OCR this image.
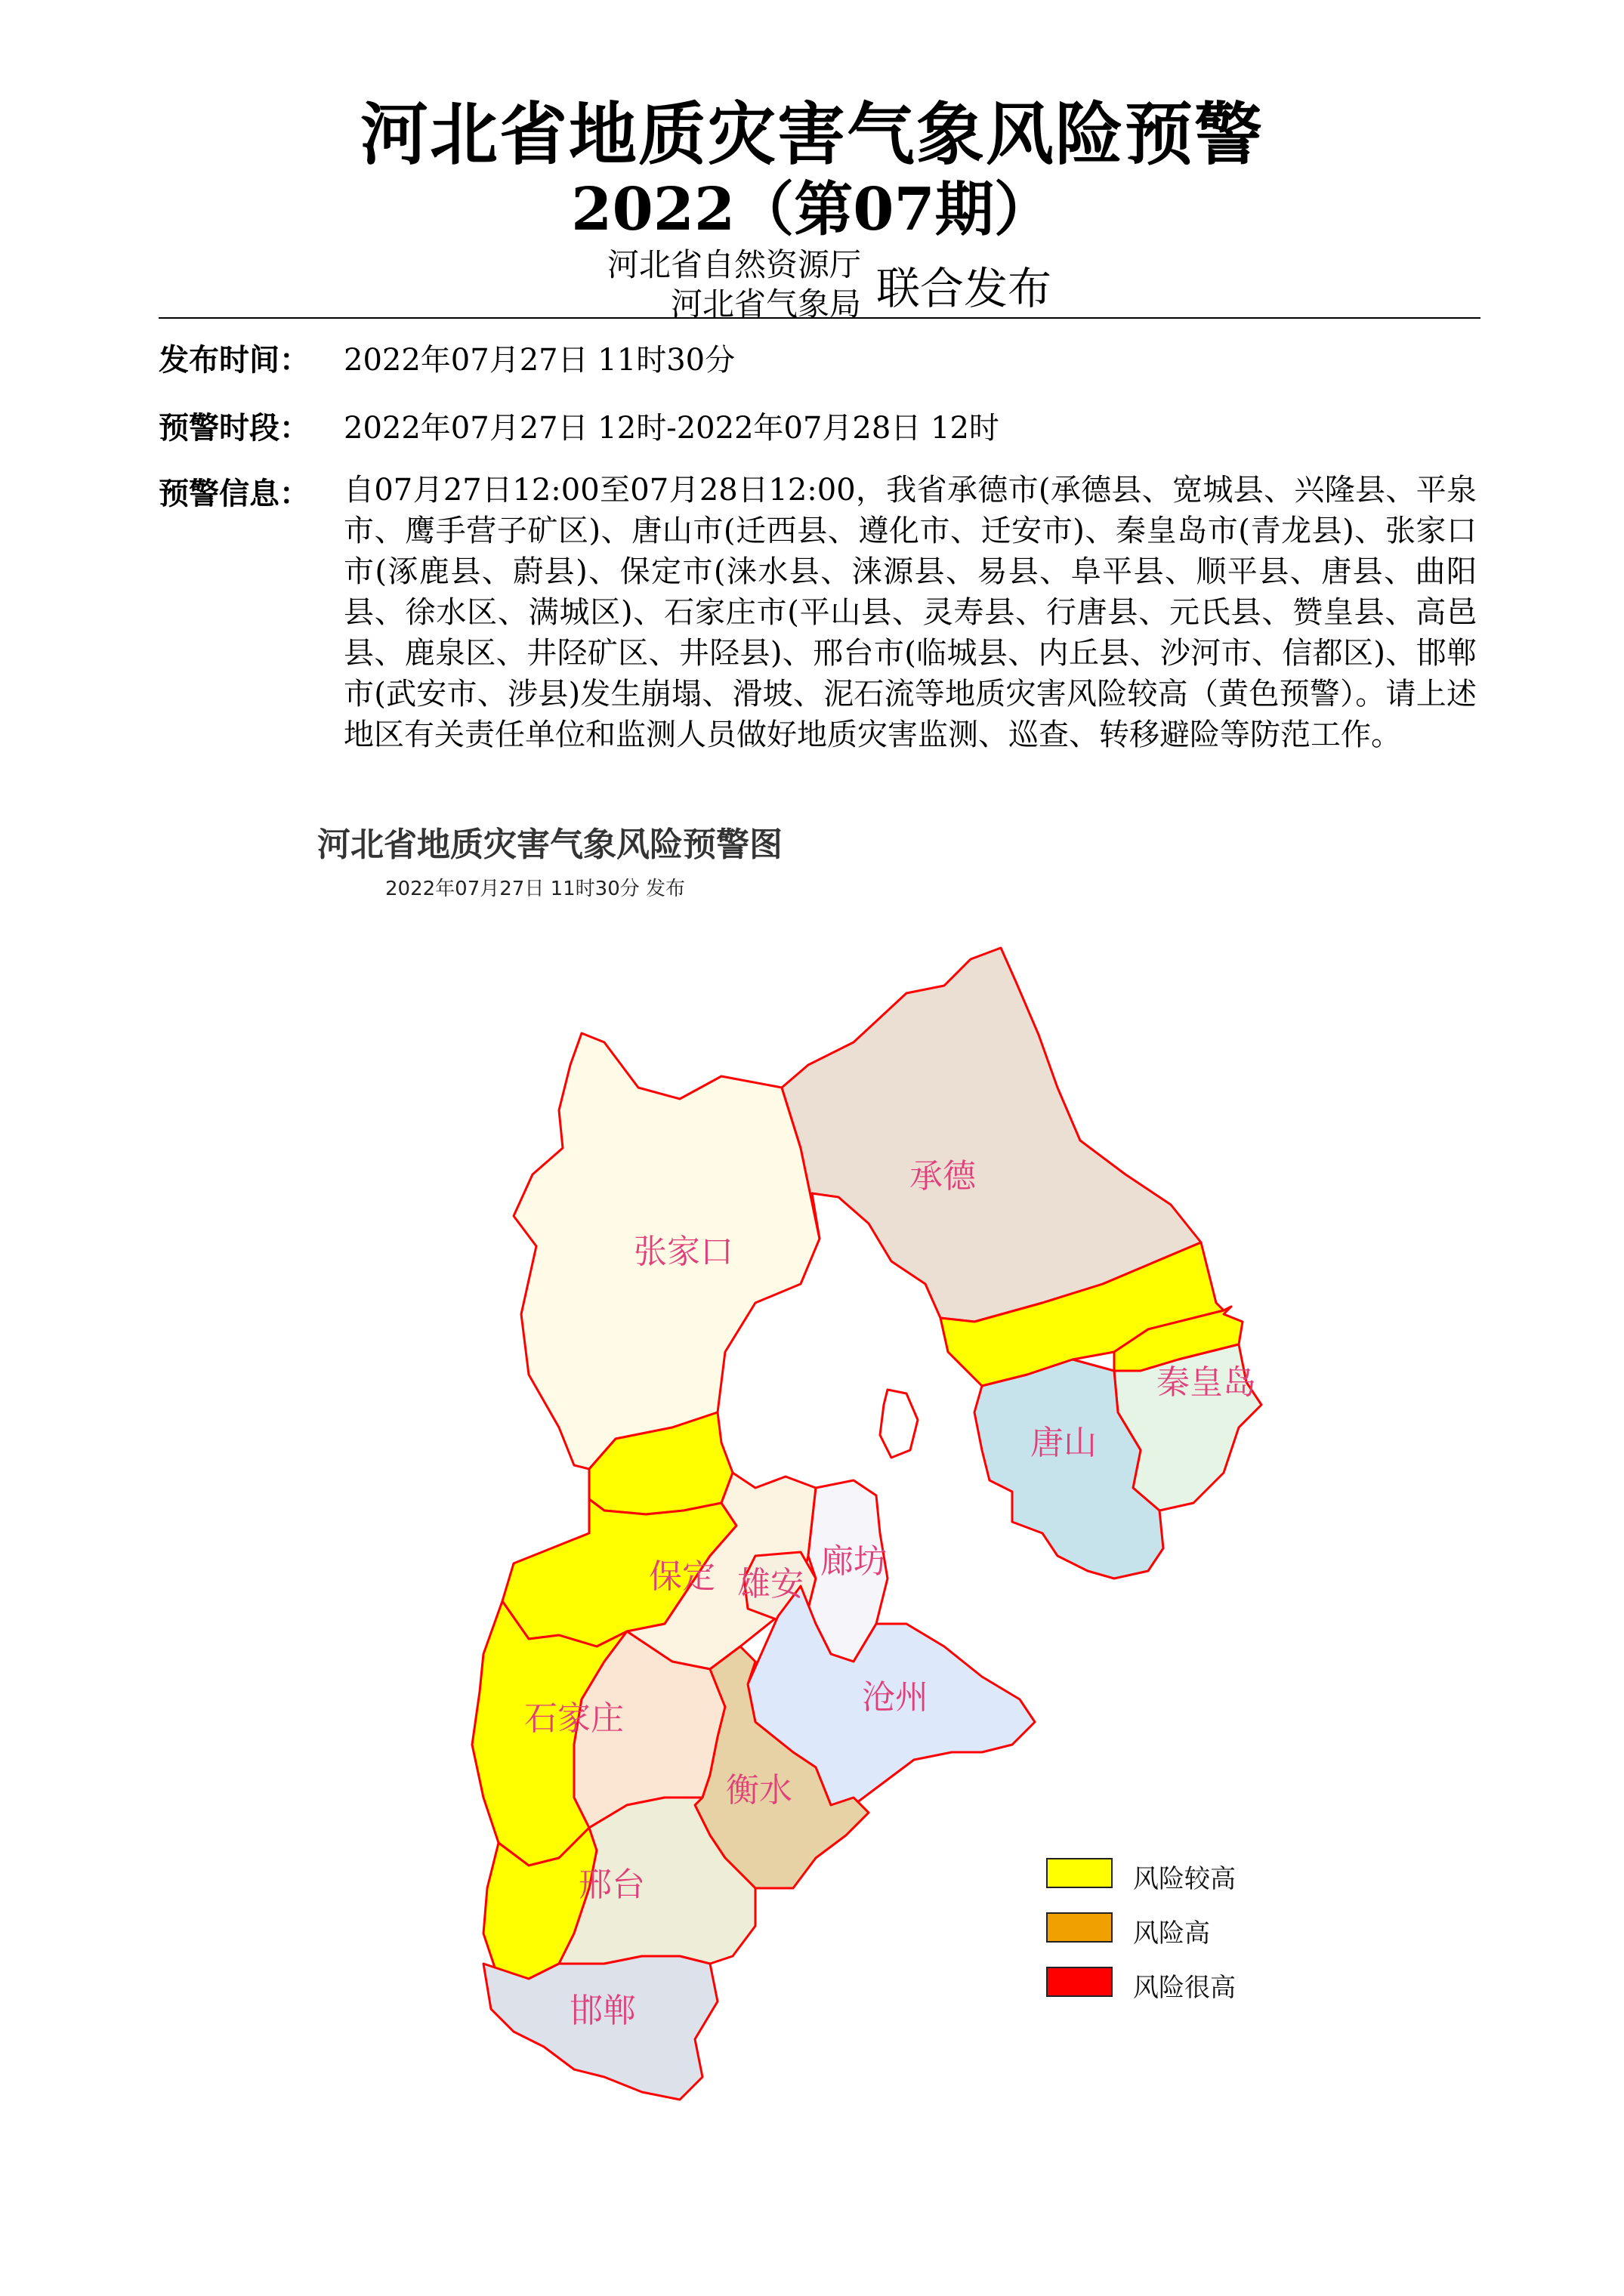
河北省地质灾害气象风险预警
2022（第07期）
河北省自然资源厅
河北省气象局 联合发布
发布时间： 2022年07月27日 11时30分
预警时段： 2022年07月27日 12时-2022年07月28日 12时
预警信息： 自07月27日12:00至07月28日12:00，我省承德市(承德县、宽城县、兴隆县、平泉市、鹰手营子矿区)、唐山市(迁西县、遵化市、迁安市)、秦皇岛市(青龙县)、张家口市(涿鹿县、蔚县)、保定市(涞水县、涞源县、易县、阜平县、顺平县、唐县、曲阳县、徐水区、满城区)、石家庄市(平山县、灵寿县、行唐县、元氏县、赞皇县、高邑县、鹿泉区、井陉矿区、井陉县)、邢台市(临城县、内丘县、沙河市、信都区)、邯郸市(武安市、涉县)发生崩塌、滑坡、泥石流等地质灾害风险较高（黄色预警）。请上述地区有关责任单位和监测人员做好地质灾害监测、巡查、转移避险等防范工作。
河北省地质灾害气象风险预警图
2022年07月27日 11时30分 发布
承德
张家口
秦皇岛
唐山
保定 雄安
廊坊
沧州
石家庄
衡水
邢台
邯郸
风险较高
风险高
风险很高
